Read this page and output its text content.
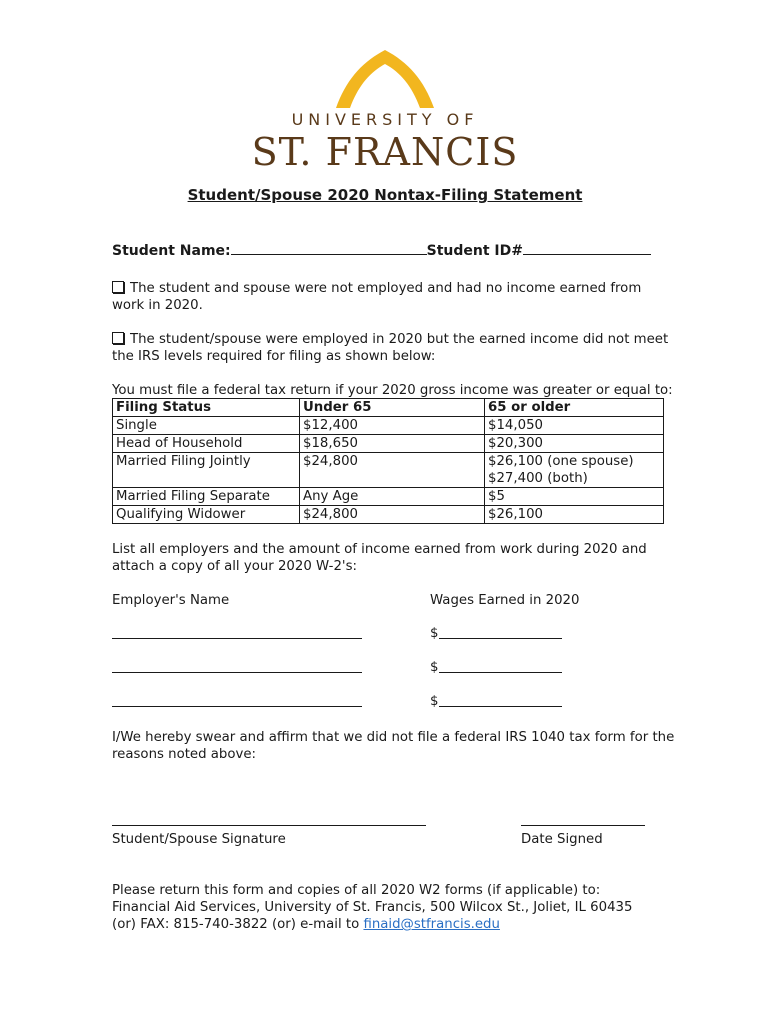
UNIVERSITY OF
ST. FRANCIS
Student/Spouse 2020 Nontax-Filing Statement
Student Name:	Student ID#
The student and spouse were not employed and had no income earned from
work in 2020.
The student/spouse were employed in 2020 but the earned income did not meet
the IRS levels required for filing as shown below:
You must file a federal tax return if your 2020 gross income was greater or equal to:
Filing Status	Under 65	65 or older
Single	$12,400	$14,050
Head of Household	$18,650	$20,300
Married Filing Jointly	$24,800	$26,100 (one spouse)
$27,400 (both)

Married Filing Separate	Any Age	$5
Qualifying Widower	$24,800	$26,100
List all employers and the amount of income earned from work during 2020 and
attach a copy of all your 2020 W-2's:
Employer's Name	Wages Earned in 2020
$
$
$
I/We hereby swear and affirm that we did not file a federal IRS 1040 tax form for the
reasons noted above:
Student/Spouse Signature	Date Signed
Please return this form and copies of all 2020 W2 forms (if applicable) to:
Financial Aid Services, University of St. Francis, 500 Wilcox St., Joliet, IL 60435
(or) FAX: 815-740-3822 (or) e-mail to finaid@stfrancis.edu
